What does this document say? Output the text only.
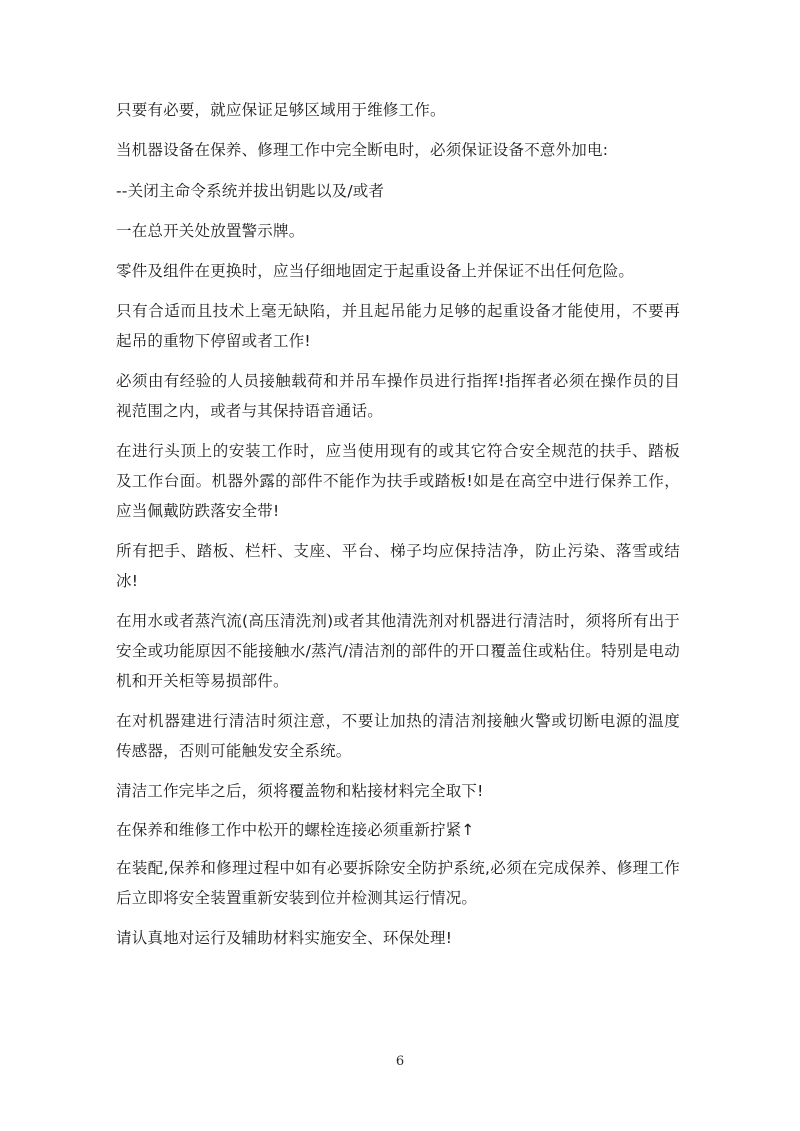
只要有必要，就应保证足够区域用于维修工作。

当机器设备在保养、修理工作中完全断电时，必须保证设备不意外加电:

--关闭主命令系统并拔出钥匙以及/或者

一在总开关处放置警示牌。

零件及组件在更换时，应当仔细地固定于起重设备上并保证不出任何危险。

只有合适而且技术上毫无缺陷，并且起吊能力足够的起重设备才能使用，不要再起吊的重物下停留或者工作!

必须由有经验的人员接触载荷和并吊车操作员进行指挥!指挥者必须在操作员的目视范围之内，或者与其保持语音通话。

在进行头顶上的安装工作时，应当使用现有的或其它符合安全规范的扶手、踏板及工作台面。机器外露的部件不能作为扶手或踏板!如是在高空中进行保养工作，应当佩戴防跌落安全带!

所有把手、踏板、栏杆、支座、平台、梯子均应保持洁净，防止污染、落雪或结冰!

在用水或者蒸汽流(高压清洗剂)或者其他清洗剂对机器进行清洁时，须将所有出于安全或功能原因不能接触水/蒸汽/清洁剂的部件的开口覆盖住或粘住。特别是电动机和开关柜等易损部件。

在对机器建进行清洁时须注意，不要让加热的清洁剂接触火警或切断电源的温度传感器，否则可能触发安全系统。

清洁工作完毕之后，须将覆盖物和粘接材料完全取下!

在保养和维修工作中松开的螺栓连接必须重新拧紧↑

在装配,保养和修理过程中如有必要拆除安全防护系统,必须在完成保养、修理工作后立即将安全装置重新安装到位并检测其运行情况。

请认真地对运行及辅助材料实施安全、环保处理!

6
